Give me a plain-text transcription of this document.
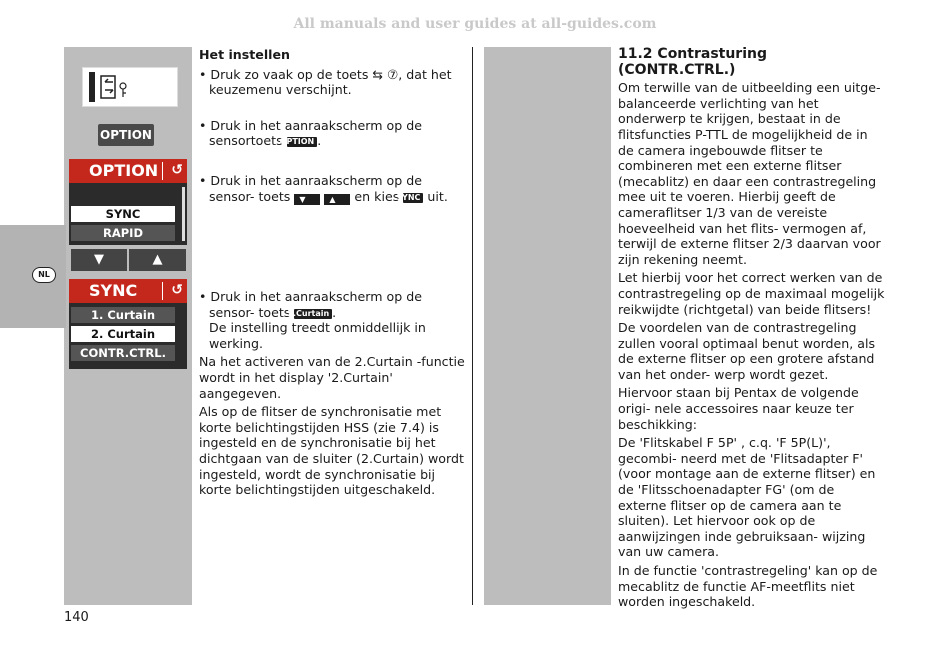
All manuals and user guides at all-guides.com
NL
OPTION
OPTION ↺
SYNC
RAPID
▼	▲
SYNC	↺
1. Curtain
2. Curtain
CONTR.CTRL.
Het instellen
• Druk zo vaak op de toets ⇆ ⑦, dat het keuzemenu verschijnt.
• Druk in het aanraakscherm op de sensortoets OPTION .
• Druk in het aanraakscherm op de sensor- toets ▼	▲ en kies SYNC uit.
• Druk in het aanraakscherm op de sensor- toets 2.Curtain .
De instelling treedt onmiddellijk in werking.
Na het activeren van de 2.Curtain -functie wordt in het display '2.Curtain' aangegeven.
Als op de flitser de synchronisatie met korte belichtingstijden HSS (zie 7.4) is ingesteld en de synchronisatie bij het dichtgaan van de sluiter (2.Curtain) wordt ingesteld, wordt de synchronisatie bij korte belichtingstijden uitgeschakeld.
11.2 Contrasturing (CONTR.CTRL.)
Om terwille van de uitbeelding een uitge- balanceerde verlichting van het onderwerp te krijgen, bestaat in de flitsfuncties P-TTL de mogelijkheid de in de camera ingebouwde flitser te combineren met een externe flitser (mecablitz) en daar een contrastregeling mee uit te voeren. Hierbij geeft de cameraflitser 1/3 van de vereiste hoeveelheid van het flits- vermogen af, terwijl de externe flitser 2/3 daarvan voor zijn rekening neemt.
Let hierbij voor het correct werken van de contrastregeling op de maximaal mogelijk reikwijdte (richtgetal) van beide flitsers!
De voordelen van de contrastregeling zullen vooral optimaal benut worden, als de externe flitser op een grotere afstand van het onder- werp wordt gezet.
Hiervoor staan bij Pentax de volgende origi- nele accessoires naar keuze ter beschikking:
De 'Flitskabel F 5P' , c.q. 'F 5P(L)', gecombi- neerd met de 'Flitsadapter F' (voor montage aan de externe flitser) en de 'Flitsschoenadapter FG' (om de externe flitser op de camera aan te sluiten). Let hiervoor ook op de aanwijzingen inde gebruiksaan- wijzing van uw camera.
In de functie 'contrastregeling' kan op de mecablitz de functie AF-meetflits niet worden ingeschakeld.
140
